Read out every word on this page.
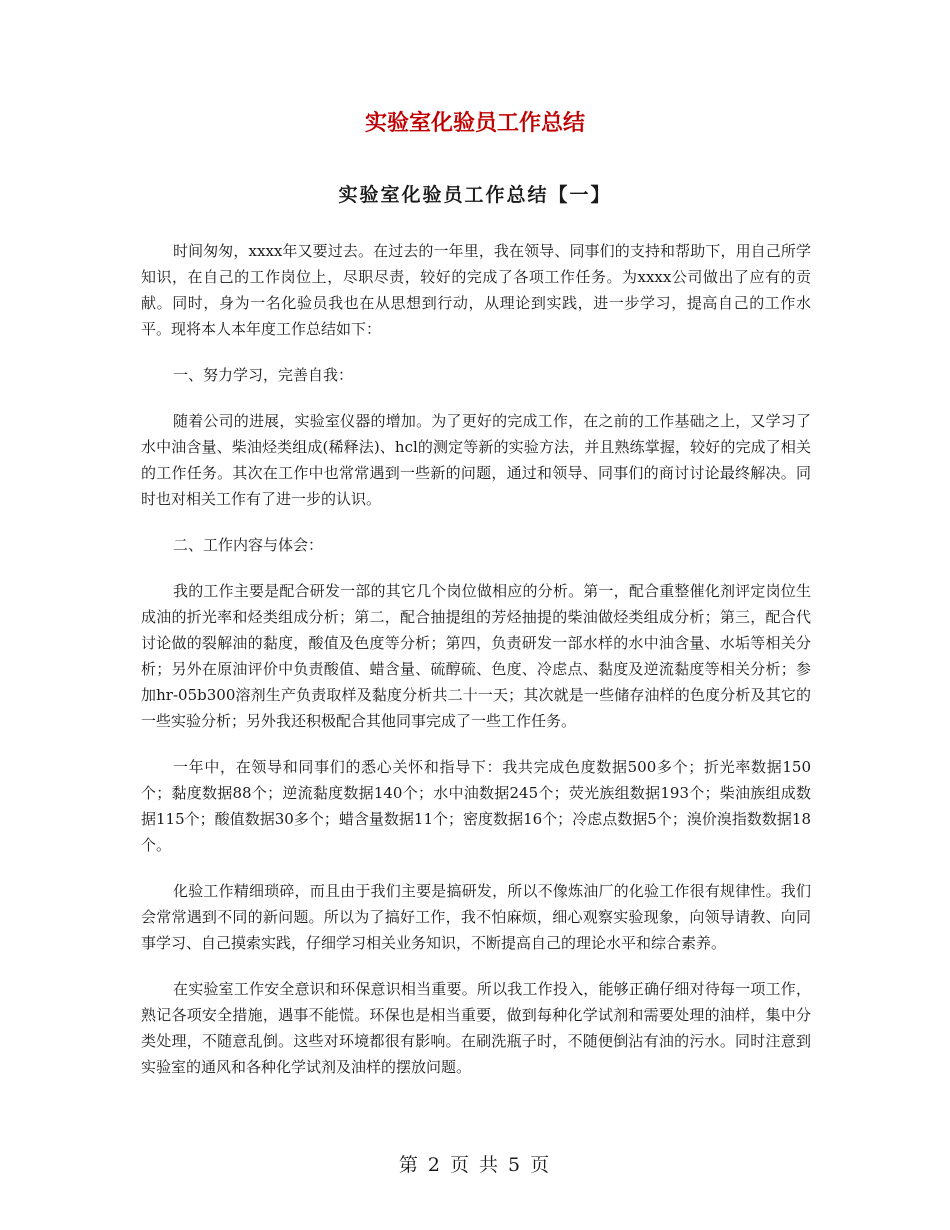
实验室化验员工作总结
实验室化验员工作总结【一】

时间匆匆，xxxx年又要过去。在过去的一年里，我在领导、同事们的支持和帮助下，用自己所学知识，在自己的工作岗位上，尽职尽责，较好的完成了各项工作任务。为xxxx公司做出了应有的贡献。同时，身为一名化验员我也在从思想到行动，从理论到实践，进一步学习，提高自己的工作水平。现将本人本年度工作总结如下：

一、努力学习，完善自我：

随着公司的进展，实验室仪器的增加。为了更好的完成工作，在之前的工作基础之上，又学习了水中油含量、柴油烃类组成(稀释法)、hcl的测定等新的实验方法，并且熟练掌握，较好的完成了相关的工作任务。其次在工作中也常常遇到一些新的问题，通过和领导、同事们的商讨讨论最终解决。同时也对相关工作有了进一步的认识。

二、工作内容与体会：

我的工作主要是配合研发一部的其它几个岗位做相应的分析。第一，配合重整催化剂评定岗位生成油的折光率和烃类组成分析；第二，配合抽提组的芳烃抽提的柴油做烃类组成分析；第三，配合代讨论做的裂解油的黏度，酸值及色度等分析；第四，负责研发一部水样的水中油含量、水垢等相关分析；另外在原油评价中负责酸值、蜡含量、硫醇硫、色度、冷虑点、黏度及逆流黏度等相关分析；参加hr-05b300溶剂生产负责取样及黏度分析共二十一天；其次就是一些储存油样的色度分析及其它的一些实验分析；另外我还积极配合其他同事完成了一些工作任务。

一年中，在领导和同事们的悉心关怀和指导下：我共完成色度数据500多个；折光率数据150个；黏度数据88个；逆流黏度数据140个；水中油数据245个；荧光族组数据193个；柴油族组成数据115个；酸值数据30多个；蜡含量数据11个；密度数据16个；冷虑点数据5个；溴价溴指数数据18个。

化验工作精细琐碎，而且由于我们主要是搞研发，所以不像炼油厂的化验工作很有规律性。我们会常常遇到不同的新问题。所以为了搞好工作，我不怕麻烦，细心观察实验现象，向领导请教、向同事学习、自己摸索实践，仔细学习相关业务知识，不断提高自己的理论水平和综合素养。

在实验室工作安全意识和环保意识相当重要。所以我工作投入，能够正确仔细对待每一项工作，熟记各项安全措施，遇事不能慌。环保也是相当重要，做到每种化学试剂和需要处理的油样，集中分类处理，不随意乱倒。这些对环境都很有影响。在刷洗瓶子时，不随便倒沾有油的污水。同时注意到实验室的通风和各种化学试剂及油样的摆放问题。

第 2 页 共 5 页
